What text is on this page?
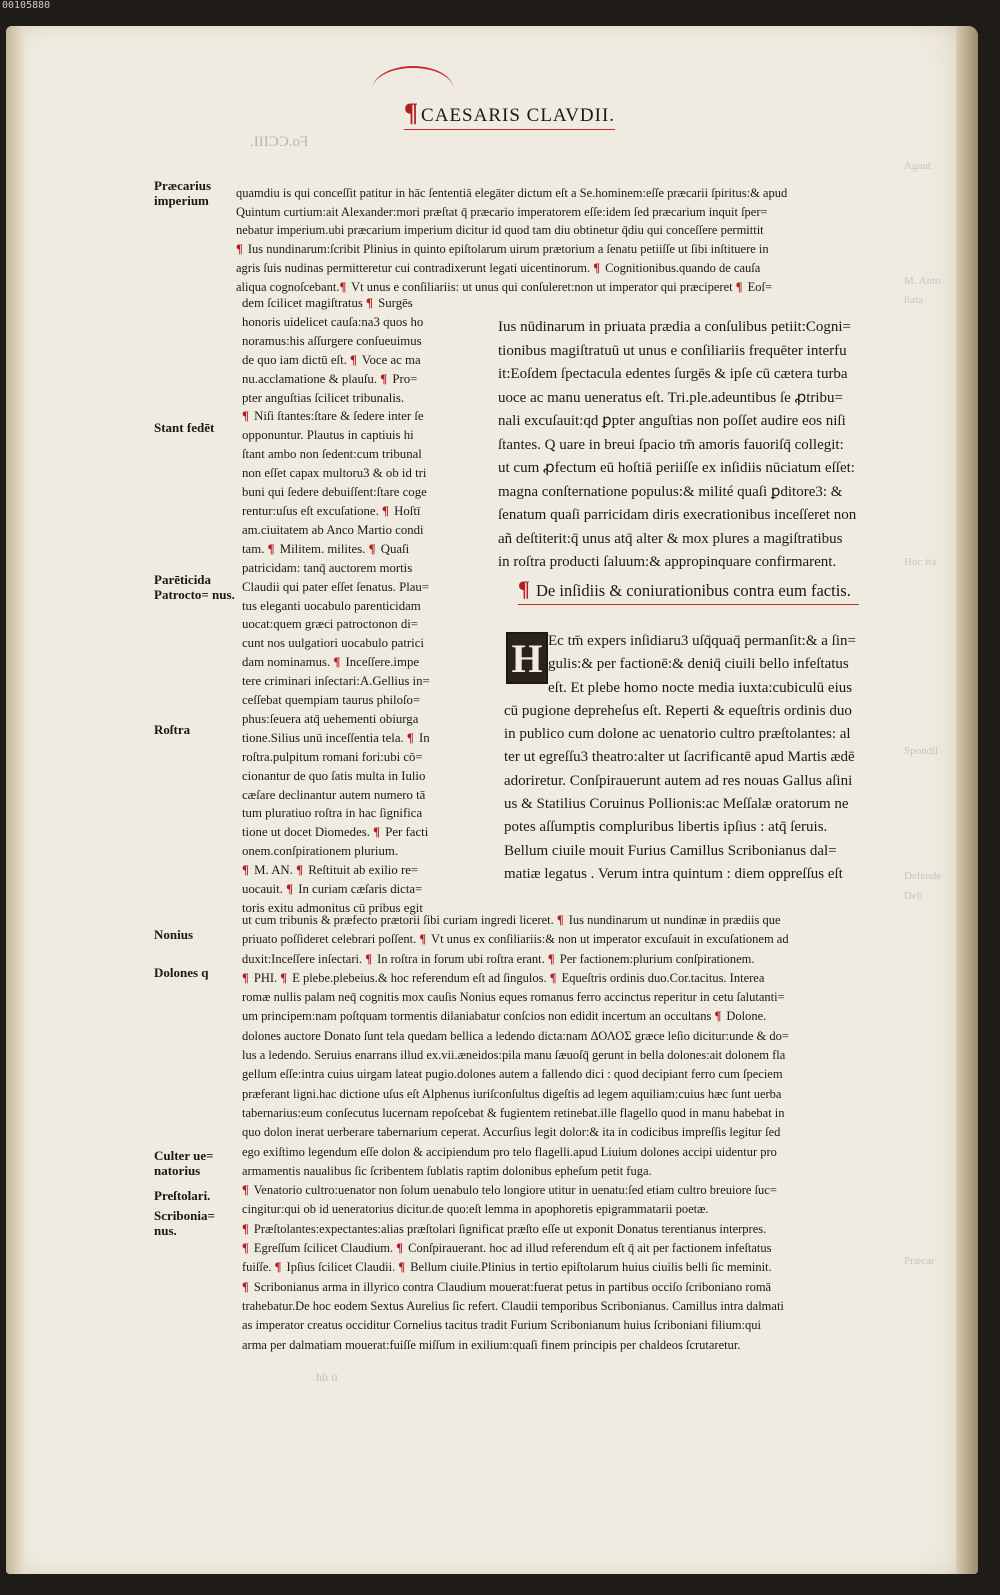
00105880
¶ CAESARIS CLAVDII.
Fo.CCIII.
Præcarius imperium
Stant fedēt
Parēticida Patrocto= nus.
Roſtra
Nonius
Dolones q
Culter ue= natorius
Preſtolari.
Scribonia= nus.
Agant
M. Anto
ſtata
Hoc ita
Spondil
Defende
Deli
Præcar
quamdiu is qui conceſſit patitur in hāc ſententiā elegāter dictum eſt a Se.hominem:eſſe præcarii ſpiritus:& apud
Quintum curtium:ait Alexander:mori præſtat q̄ præcario imperatorem eſſe:idem ſed præcarium inquit ſper=
nebatur imperium.ubi præcarium imperium dicitur id quod tam diu obtinetur q̄diu qui conceſſere permittit
¶ Ius nundinarum:ſcribit Plinius in quinto epiſtolarum uirum prætorium a ſenatu petiiſſe ut ſibi inſtituere in
agris ſuis nudinas permitteretur cui contradixerunt legati uicentinorum. ¶ Cognitionibus.quando de cauſa
aliqua cognoſcebant.¶ Vt unus e conſiliariis: ut unus qui conſuleret:non ut imperator qui præciperet ¶ Eoſ=
dem ſcilicet magiſtratus ¶ Surgēs
honoris uidelicet cauſa:na3 quos ho
noramus:his aſſurgere conſueuimus
de quo iam dictū eſt. ¶ Voce ac ma
nu.acclamatione & plauſu. ¶ Pro=
pter anguſtias ſcilicet tribunalis.
¶ Niſi ſtantes:ſtare & ſedere inter ſe
opponuntur. Plautus in captiuis hi
ſtant ambo non ſedent:cum tribunal
non eſſet capax multoru3 & ob id tri
buni qui ſedere debuiſſent:ſtare coge
rentur:uſus eſt excuſatione. ¶ Hoſtī
am.ciuitatem ab Anco Martio condi
tam. ¶ Militem. milites. ¶ Quaſi
patricidam: tanq̄ auctorem mortis
Claudii qui pater eſſet ſenatus. Plau=
tus eleganti uocabulo parenticidam
uocat:quem græci patroctonon di=
cunt nos uulgatiori uocabulo patrici
dam nominamus. ¶ Inceſſere.impe
tere criminari inſectari:A.Gellius in=
ceſſebat quempiam taurus philoſo=
phus:ſeuera atq̄ uehementi obiurga
tione.Silius unū inceſſentia tela. ¶ In
roſtra.pulpitum romani fori:ubi cō=
cionantur de quo ſatis multa in Iulio
cæſare declinantur autem numero tā
tum pluratiuo roſtra in hac ſignifica
tione ut docet Diomedes. ¶ Per facti
onem.conſpirationem plurium.
¶ M. AN. ¶ Reſtituit ab exilio re=
uocauit. ¶ In curiam cæſaris dicta=
toris exitu admonitus cū pribus egit
Ius nūdinarum in priuata prædia a conſulibus petiit:Cogni=
tionibus magiſtratuū ut unus e conſiliariis frequēter interfu
it:Eoſdem ſpectacula edentes ſurgēs & ipſe cū cætera turba
uoce ac manu ueneratus eſt. Tri.ple.adeuntibus ſe ꝓtribu=
nali excuſauit:qd ꝑpter anguſtias non poſſet audire eos niſi
ſtantes. Q uare in breui ſpacio tm̄ amoris fauoriſq̄ collegit:
ut cum ꝓfectum eū hoſtiā periiſſe ex inſidiis nūciatum eſſet:
magna conſternatione populus:& milité quaſi ꝑditore3: &
ſenatum quaſi parricidam diris execrationibus inceſſeret non
añ deſtiterit:q̄ unus atq̄ alter & mox plures a magiſtratibus
in roſtra producti ſaluum:& appropinquare confirmarent.
¶ De inſidiis & coniurationibus contra eum factis.
Ec tm̄ expers inſidiaru3 uſq̄quaq̄ permanſit:& a ſin=
gulis:& per factionē:& deniq̄ ciuili bello infeſtatus
eſt. Et plebe homo nocte media iuxta:cubiculū eius
cū pugione depreheſus eſt. Reperti & equeſtris ordinis duo
in publico cum dolone ac uenatorio cultro præſtolantes: al
ter ut egreſſu3 theatro:alter ut ſacrificantē apud Martis ædē
adoriretur. Conſpirauerunt autem ad res nouas Gallus aſini
us & Statilius Coruinus Pollionis:ac Meſſalæ oratorum ne
potes aſſumptis compluribus libertis ipſius : atq̄ ſeruis.
Bellum ciuile mouit Furius Camillus Scribonianus dal=
matiæ legatus . Verum intra quintum : diem oppreſſus eſt
H
ut cum tribunis & præfecto prætorii ſibi curiam ingredi liceret. ¶ Ius nundinarum ut nundinæ in prædiis que
priuato poſſideret celebrari poſſent. ¶ Vt unus ex conſiliariis:& non ut imperator excuſauit in excuſationem ad
duxit:Inceſſere inſectari. ¶ In roſtra in forum ubi roſtra erant. ¶ Per factionem:plurium conſpirationem.
¶ PHI. ¶ E plebe.plebeius.& hoc referendum eſt ad ſingulos. ¶ Equeſtris ordinis duo.Cor.tacitus. Interea
romæ nullis palam neq̄ cognitis mox cauſis Nonius eques romanus ferro accinctus reperitur in cetu ſalutanti=
um principem:nam poſtquam tormentis dilaniabatur conſcios non edidit incertum an occultans ¶ Dolone.
dolones auctore Donato ſunt tela quedam bellica a ledendo dicta:nam ΔΟΛΟΣ græce leſio dicitur:unde & do=
lus a ledendo. Seruius enarrans illud ex.vii.æneidos:pila manu ſæuoſq̄ gerunt in bella dolones:ait dolonem fla
gellum eſſe:intra cuius uirgam lateat pugio.dolones autem a fallendo dici : quod decipiant ferro cum ſpeciem
præferant ligni.hac dictione uſus eſt Alphenus iuriſconſultus digeſtis ad legem aquiliam:cuius hæc ſunt uerba
tabernarius:eum conſecutus lucernam repoſcebat & fugientem retinebat.ille flagello quod in manu habebat in
quo dolon inerat uerberare tabernarium ceperat. Accurſius legit dolor:& ita in codicibus impreſſis legitur ſed
ego exiſtimo legendum eſſe dolon & accipiendum pro telo flagelli.apud Liuium dolones accipi uidentur pro
armamentis naualibus ſic ſcribentem ſublatis raptim dolonibus epheſum petit fuga.
¶ Venatorio cultro:uenator non ſolum uenabulo telo longiore utitur in uenatu:ſed etiam cultro breuiore ſuc=
cingitur:qui ob id ueneratorius dicitur.de quo:eſt lemma in apophoretis epigrammatarii poetæ.
¶ Præſtolantes:expectantes:alias præſtolari ſignificat præſto eſſe ut exponit Donatus terentianus interpres.
¶ Egreſſum ſcilicet Claudium. ¶ Conſpirauerant. hoc ad illud referendum eſt q̄ ait per factionem infeſtatus
fuiſſe. ¶ Ipſius ſcilicet Claudii. ¶ Bellum ciuile.Plinius in tertio epiſtolarum huius ciuilis belli ſic meminit.
¶ Scribonianus arma in illyrico contra Claudium mouerat:fuerat petus in partibus occiſo ſcriboniano romā
trahebatur.De hoc eodem Sextus Aurelius ſic refert. Claudii temporibus Scribonianus. Camillus intra dalmati
as imperator creatus occiditur Cornelius tacitus tradit Furium Scribonianum huius ſcriboniani filium:qui
arma per dalmatiam mouerat:fuiſſe miſſum in exilium:quaſi finem principis per chaldeos ſcrutaretur.
hh ii
